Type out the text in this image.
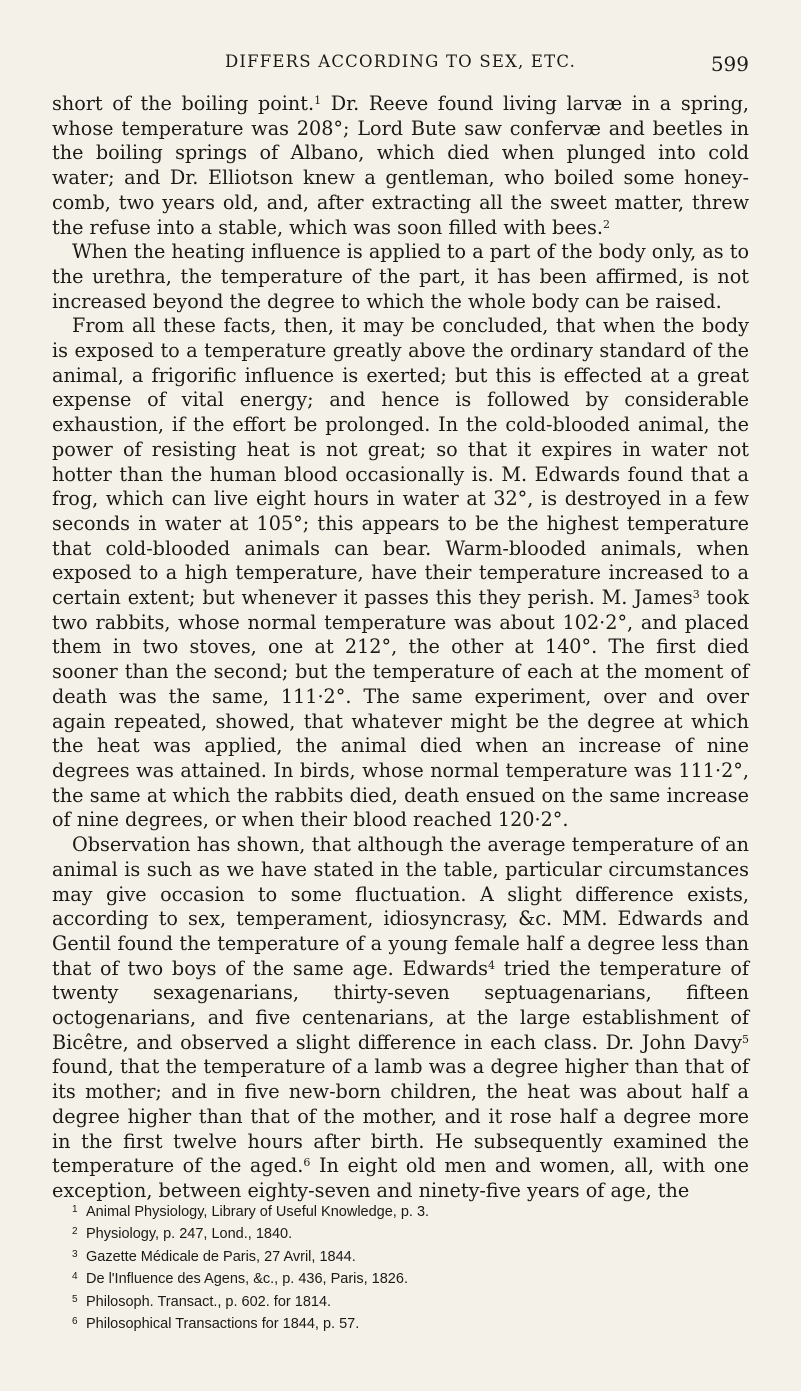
DIFFERS ACCORDING TO SEX, ETC.	599

short of the boiling point.$^1$ Dr. Reeve found living larvæ in a spring, whose temperature was 208°; Lord Bute saw confervæ and beetles in the boiling springs of Albano, which died when plunged into cold water; and Dr. Elliotson knew a gentleman, who boiled some honey-comb, two years old, and, after extracting all the sweet matter, threw the refuse into a stable, which was soon filled with bees.$^2$

When the heating influence is applied to a part of the body only, as to the urethra, the temperature of the part, it has been affirmed, is not increased beyond the degree to which the whole body can be raised.

From all these facts, then, it may be concluded, that when the body is exposed to a temperature greatly above the ordinary standard of the animal, a frigorific influence is exerted; but this is effected at a great expense of vital energy; and hence is followed by considerable exhaustion, if the effort be prolonged. In the cold-blooded animal, the power of resisting heat is not great; so that it expires in water not hotter than the human blood occasionally is. M. Edwards found that a frog, which can live eight hours in water at 32°, is destroyed in a few seconds in water at 105°; this appears to be the highest temperature that cold-blooded animals can bear. Warm-blooded animals, when exposed to a high temperature, have their temperature increased to a certain extent; but whenever it passes this they perish. M. James$^3$ took two rabbits, whose normal temperature was about 102·2°, and placed them in two stoves, one at 212°, the other at 140°. The first died sooner than the second; but the temperature of each at the moment of death was the same, 111·2°. The same experiment, over and over again repeated, showed, that whatever might be the degree at which the heat was applied, the animal died when an increase of nine degrees was attained. In birds, whose normal temperature was 111·2°, the same at which the rabbits died, death ensued on the same increase of nine degrees, or when their blood reached 120·2°.

Observation has shown, that although the average temperature of an animal is such as we have stated in the table, particular circumstances may give occasion to some fluctuation. A slight difference exists, according to sex, temperament, idiosyncrasy, &c. MM. Edwards and Gentil found the temperature of a young female half a degree less than that of two boys of the same age. Edwards$^4$ tried the temperature of twenty sexagenarians, thirty-seven septuagenarians, fifteen octogenarians, and five centenarians, at the large establishment of Bicêtre, and observed a slight difference in each class. Dr. John Davy$^5$ found, that the temperature of a lamb was a degree higher than that of its mother; and in five new-born children, the heat was about half a degree higher than that of the mother, and it rose half a degree more in the first twelve hours after birth. He subsequently examined the temperature of the aged.$^6$ In eight old men and women, all, with one exception, between eighty-seven and ninety-five years of age, the

1 Animal Physiology, Library of Useful Knowledge, p. 3.
2 Physiology, p. 247, Lond., 1840.
3 Gazette Médicale de Paris, 27 Avril, 1844.
4 De l'Influence des Agens, &c., p. 436, Paris, 1826.
5 Philosoph. Transact., p. 602. for 1814.
6 Philosophical Transactions for 1844, p. 57.
